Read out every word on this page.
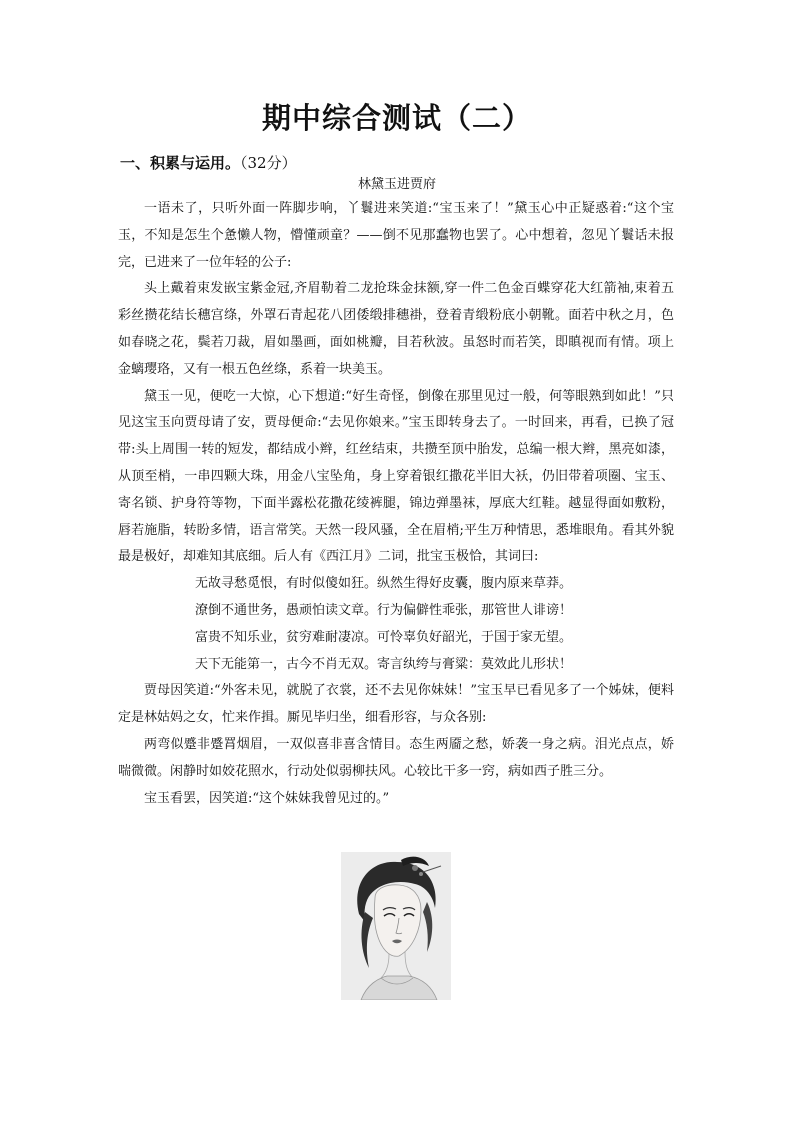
期中综合测试（二）
一、积累与运用。（32分）
林黛玉进贾府

一语未了，只听外面一阵脚步响，丫鬟进来笑道:“宝玉来了！”黛玉心中正疑惑着:“这个宝玉，不知是怎生个惫懒人物，懵懂顽童？——倒不见那蠢物也罢了。心中想着，忽见丫鬟话未报完，已进来了一位年轻的公子:

头上戴着束发嵌宝紫金冠,齐眉勒着二龙抢珠金抹额,穿一件二色金百蝶穿花大红箭袖,束着五彩丝攒花结长穗宫绦，外罩石青起花八团倭缎排穗褂，登着青缎粉底小朝靴。面若中秋之月，色如春晓之花，鬓若刀裁，眉如墨画，面如桃瓣，目若秋波。虽怒时而若笑，即瞋视而有情。项上金螭璎珞，又有一根五色丝绦，系着一块美玉。

黛玉一见，便吃一大惊，心下想道:“好生奇怪，倒像在那里见过一般，何等眼熟到如此！”只见这宝玉向贾母请了安，贾母便命:“去见你娘来。”宝玉即转身去了。一时回来，再看，已换了冠带:头上周围一转的短发，都结成小辫，红丝结束，共攒至顶中胎发，总编一根大辫，黑亮如漆，从顶至梢，一串四颗大珠，用金八宝坠角，身上穿着银红撒花半旧大袄，仍旧带着项圈、宝玉、寄名锁、护身符等物，下面半露松花撒花绫裤腿，锦边弹墨袜，厚底大红鞋。越显得面如敷粉，唇若施脂，转盼多情，语言常笑。天然一段风骚，全在眉梢;平生万种情思，悉堆眼角。看其外貌最是极好，却难知其底细。后人有《西江月》二词，批宝玉极恰，其词曰:

无故寻愁觅恨，有时似傻如狂。纵然生得好皮囊，腹内原来草莽。
潦倒不通世务，愚顽怕读文章。行为偏僻性乖张，那管世人诽谤！
富贵不知乐业，贫穷难耐凄凉。可怜辜负好韶光，于国于家无望。
天下无能第一，古今不肖无双。寄言纨绔与膏粱：莫效此儿形状！

贾母因笑道:“外客未见，就脱了衣裳，还不去见你妹妹！”宝玉早已看见多了一个姊妹，便料定是林姑妈之女，忙来作揖。厮见毕归坐，细看形容，与众各别:

两弯似蹙非蹙罥烟眉，一双似喜非喜含情目。态生两靥之愁，娇袭一身之病。泪光点点，娇喘微微。闲静时如姣花照水，行动处似弱柳扶风。心较比干多一窍，病如西子胜三分。

宝玉看罢，因笑道:“这个妹妹我曾见过的。”
